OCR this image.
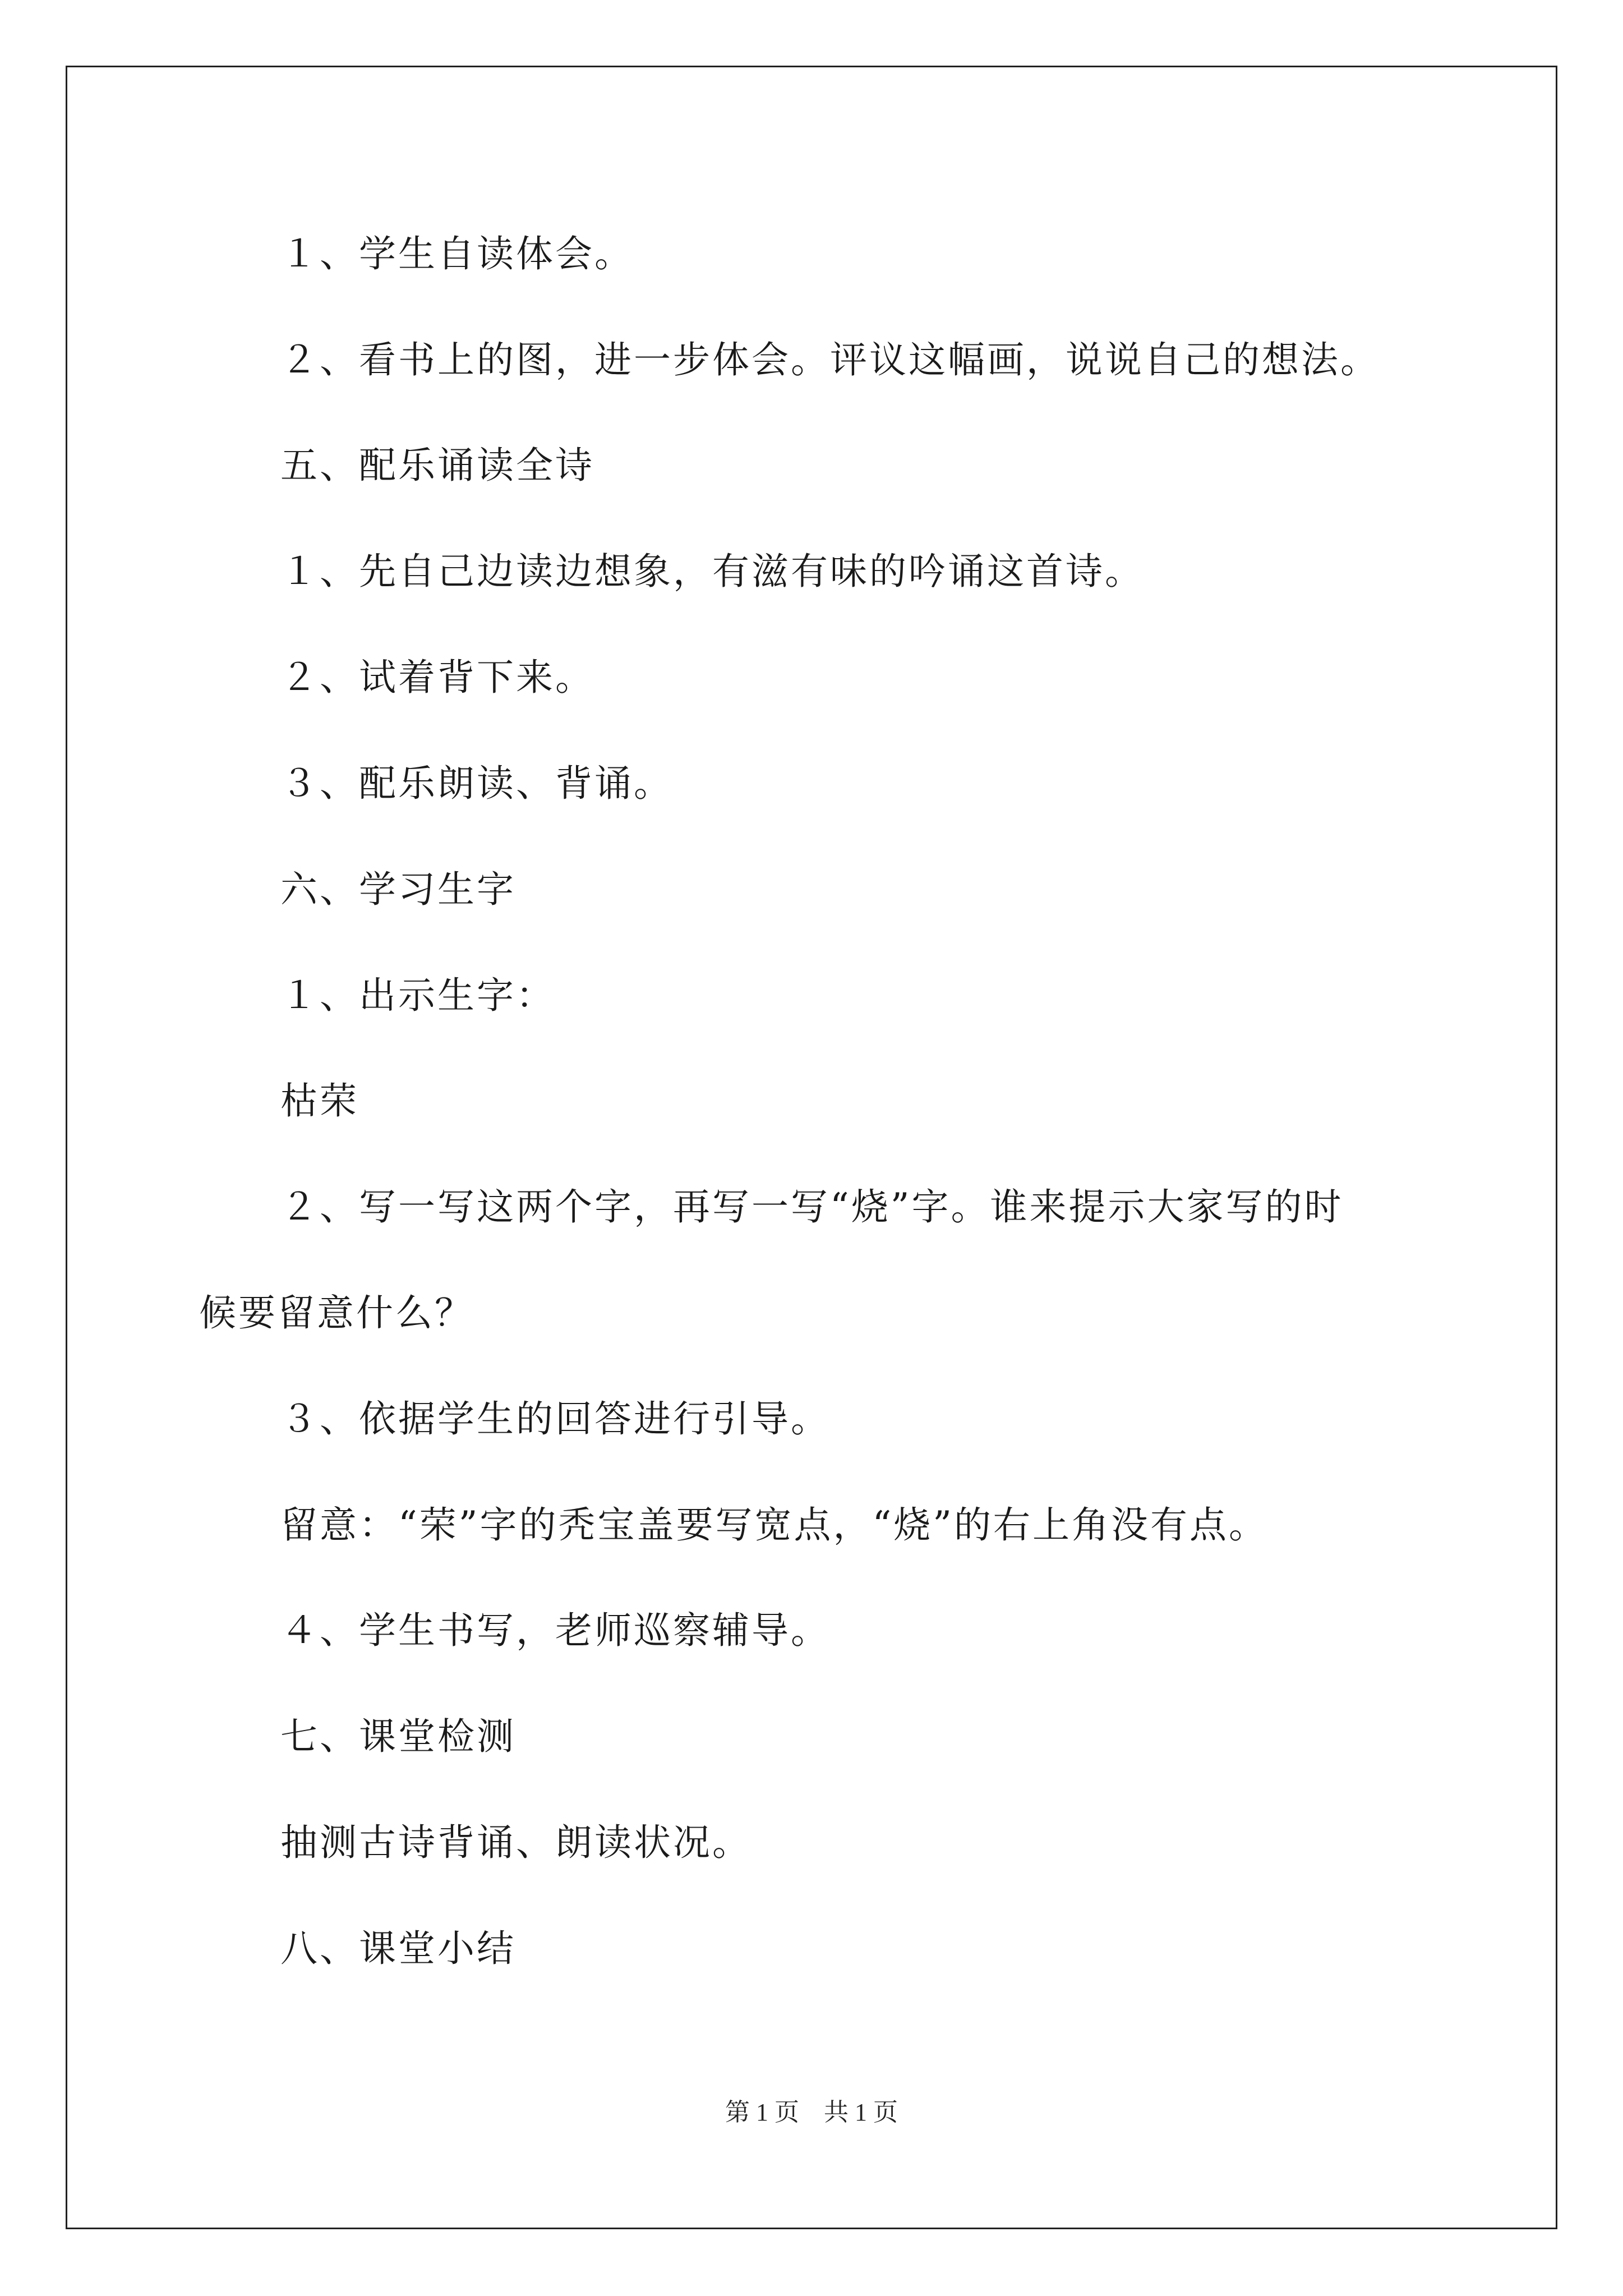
１、学生自读体会。
２、看书上的图，进一步体会。评议这幅画，说说自己的想法。
五、配乐诵读全诗
１、先自己边读边想象，有滋有味的吟诵这首诗。
２、试着背下来。
３、配乐朗读、背诵。
六、学习生字
１、出示生字：
枯荣
２、写一写这两个字，再写一写“烧”字。谁来提示大家写的时
候要留意什么？
３、依据学生的回答进行引导。
留意：“荣”字的秃宝盖要写宽点，“烧”的右上角没有点。
４、学生书写，老师巡察辅导。
七、课堂检测
抽测古诗背诵、朗读状况。
八、课堂小结
第 1 页　共 1 页
